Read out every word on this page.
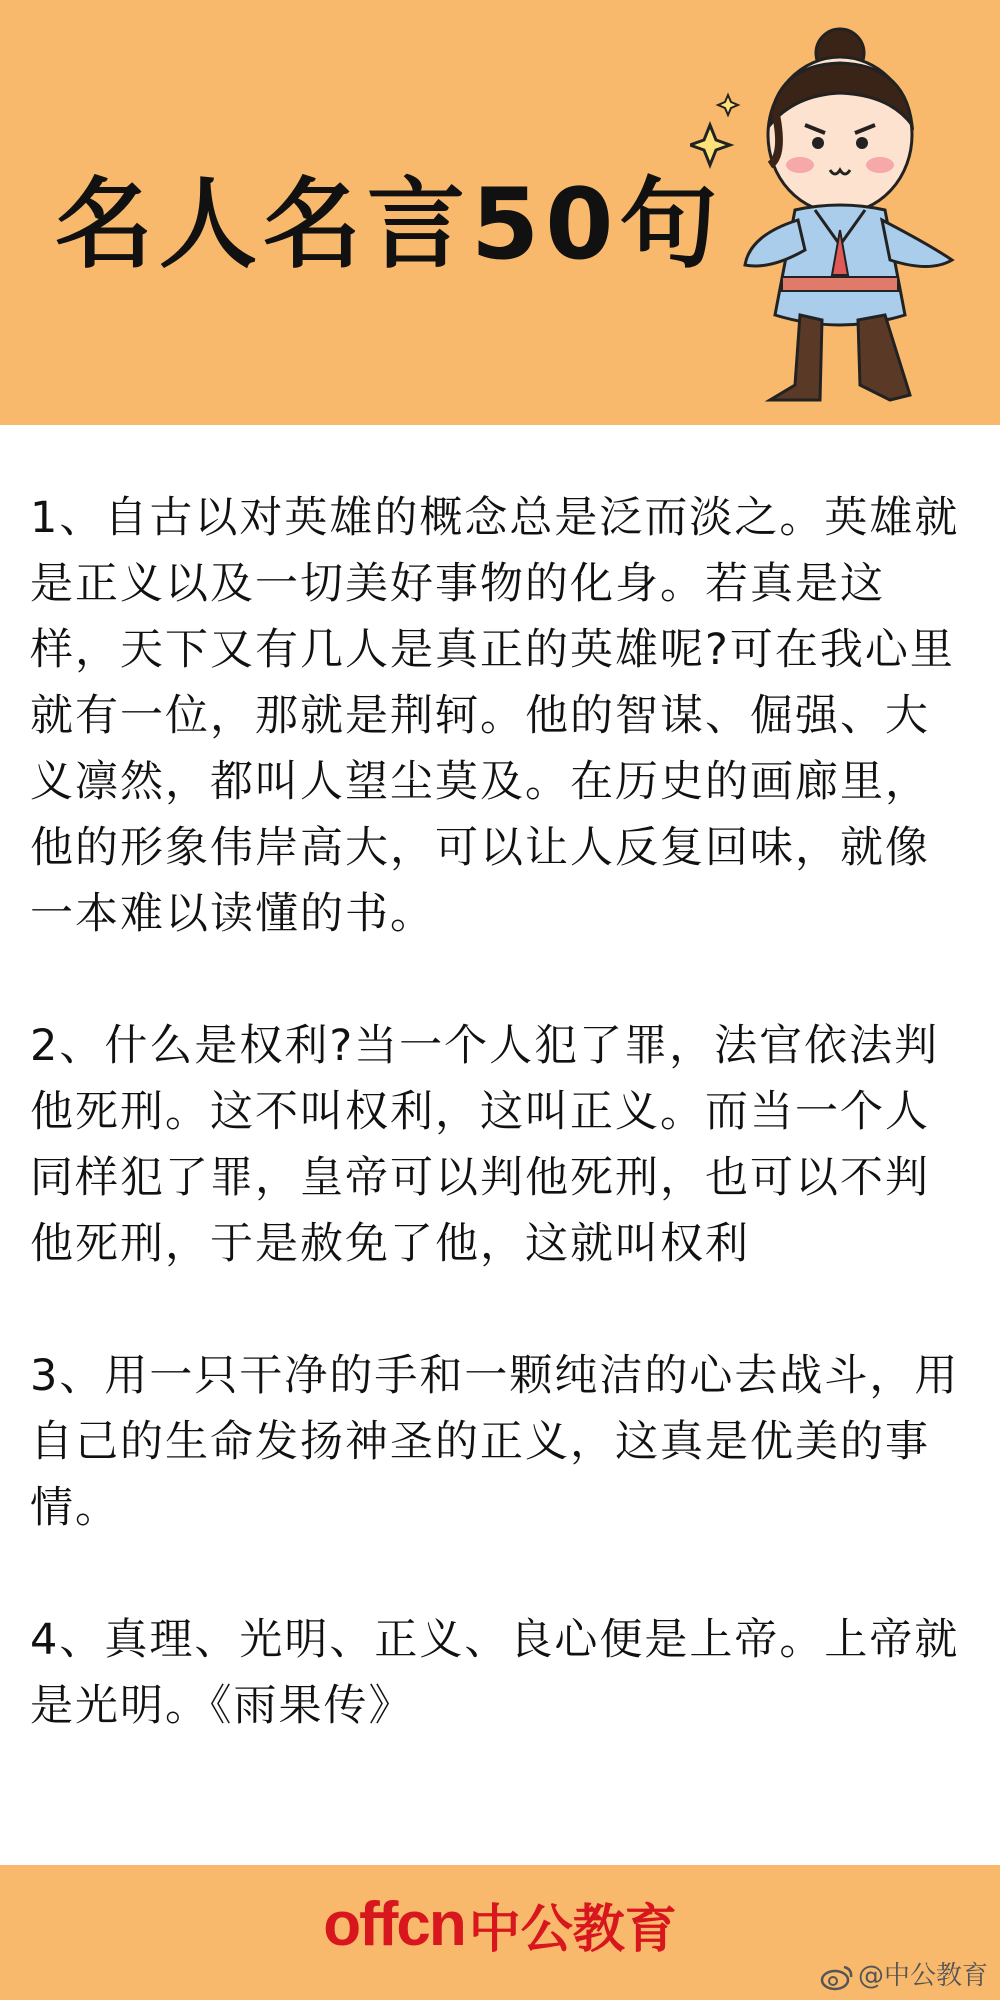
名人名言50句

1、自古以对英雄的概念总是泛而淡之。英雄就是正义以及一切美好事物的化身。若真是这样，天下又有几人是真正的英雄呢?可在我心里就有一位，那就是荆轲。他的智谋、倔强、大义凛然，都叫人望尘莫及。在历史的画廊里，他的形象伟岸高大，可以让人反复回味，就像一本难以读懂的书。

2、什么是权利?当一个人犯了罪，法官依法判他死刑。这不叫权利，这叫正义。而当一个人同样犯了罪，皇帝可以判他死刑，也可以不判他死刑，于是赦免了他，这就叫权利

3、用一只干净的手和一颗纯洁的心去战斗，用自己的生命发扬神圣的正义，这真是优美的事情。

4、真理、光明、正义、良心便是上帝。上帝就是光明。《雨果传》

offcn中公教育
@中公教育
